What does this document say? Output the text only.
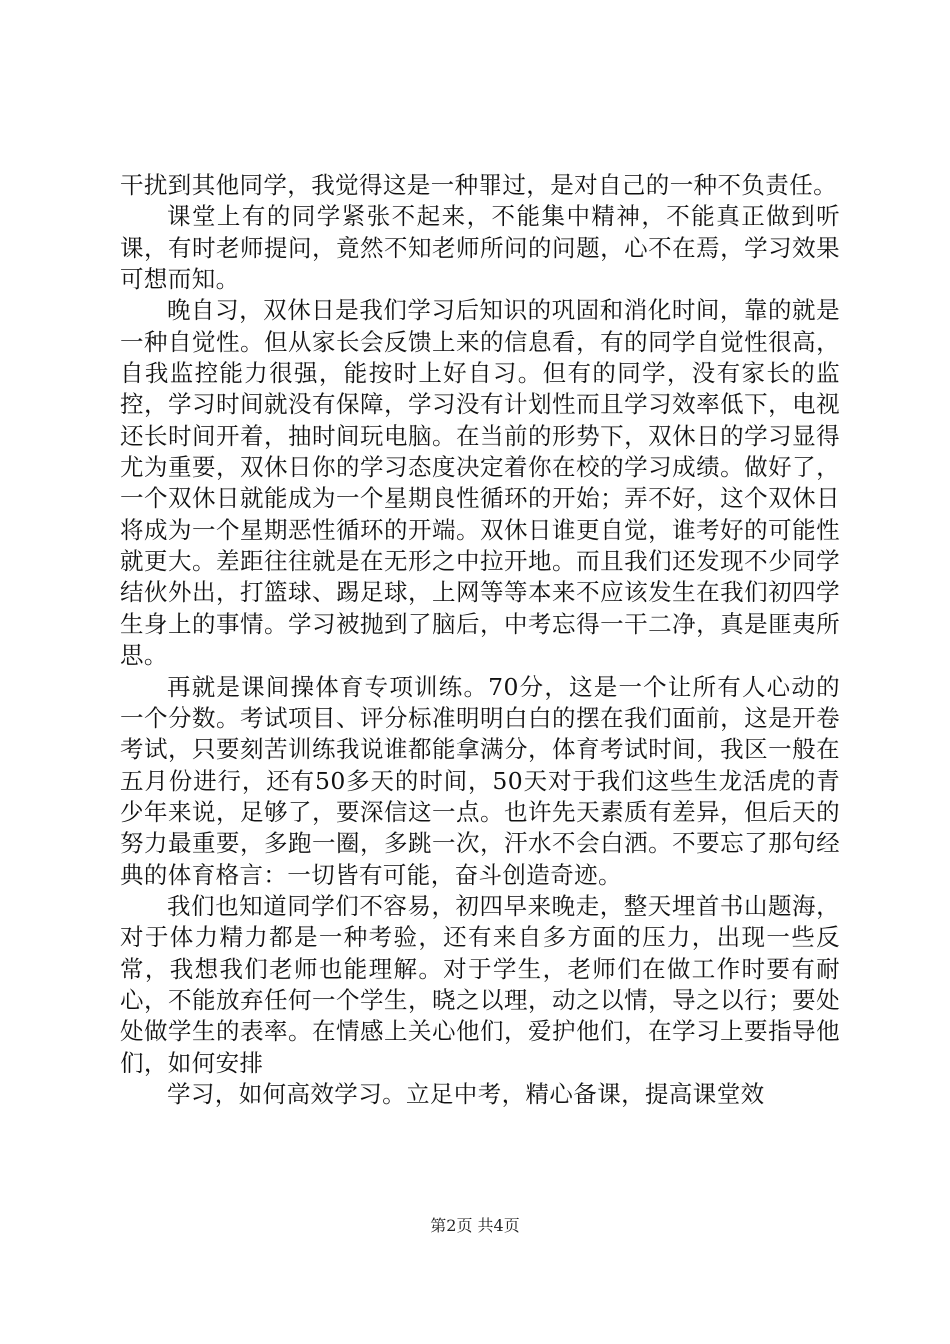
干扰到其他同学，我觉得这是一种罪过，是对自己的一种不负责任。

课堂上有的同学紧张不起来，不能集中精神，不能真正做到听课，有时老师提问，竟然不知老师所问的问题，心不在焉，学习效果可想而知。

晚自习，双休日是我们学习后知识的巩固和消化时间，靠的就是一种自觉性。但从家长会反馈上来的信息看，有的同学自觉性很高，自我监控能力很强，能按时上好自习。但有的同学，没有家长的监控，学习时间就没有保障，学习没有计划性而且学习效率低下，电视还长时间开着，抽时间玩电脑。在当前的形势下，双休日的学习显得尤为重要，双休日你的学习态度决定着你在校的学习成绩。做好了，一个双休日就能成为一个星期良性循环的开始；弄不好，这个双休日将成为一个星期恶性循环的开端。双休日谁更自觉，谁考好的可能性就更大。差距往往就是在无形之中拉开地。而且我们还发现不少同学结伙外出，打篮球、踢足球，上网等等本来不应该发生在我们初四学生身上的事情。学习被抛到了脑后，中考忘得一干二净，真是匪夷所思。

再就是课间操体育专项训练。70分，这是一个让所有人心动的一个分数。考试项目、评分标准明明白白的摆在我们面前，这是开卷考试，只要刻苦训练我说谁都能拿满分，体育考试时间，我区一般在五月份进行，还有50多天的时间，50天对于我们这些生龙活虎的青少年来说，足够了，要深信这一点。也许先天素质有差异，但后天的努力最重要，多跑一圈，多跳一次，汗水不会白洒。不要忘了那句经典的体育格言：一切皆有可能，奋斗创造奇迹。

我们也知道同学们不容易，初四早来晚走，整天埋首书山题海，对于体力精力都是一种考验，还有来自多方面的压力，出现一些反常，我想我们老师也能理解。对于学生，老师们在做工作时要有耐心，不能放弃任何一个学生，晓之以理，动之以情，导之以行；要处处做学生的表率。在情感上关心他们，爱护他们，在学习上要指导他们，如何安排

学习，如何高效学习。立足中考，精心备课，提高课堂效

第2页 共4页
